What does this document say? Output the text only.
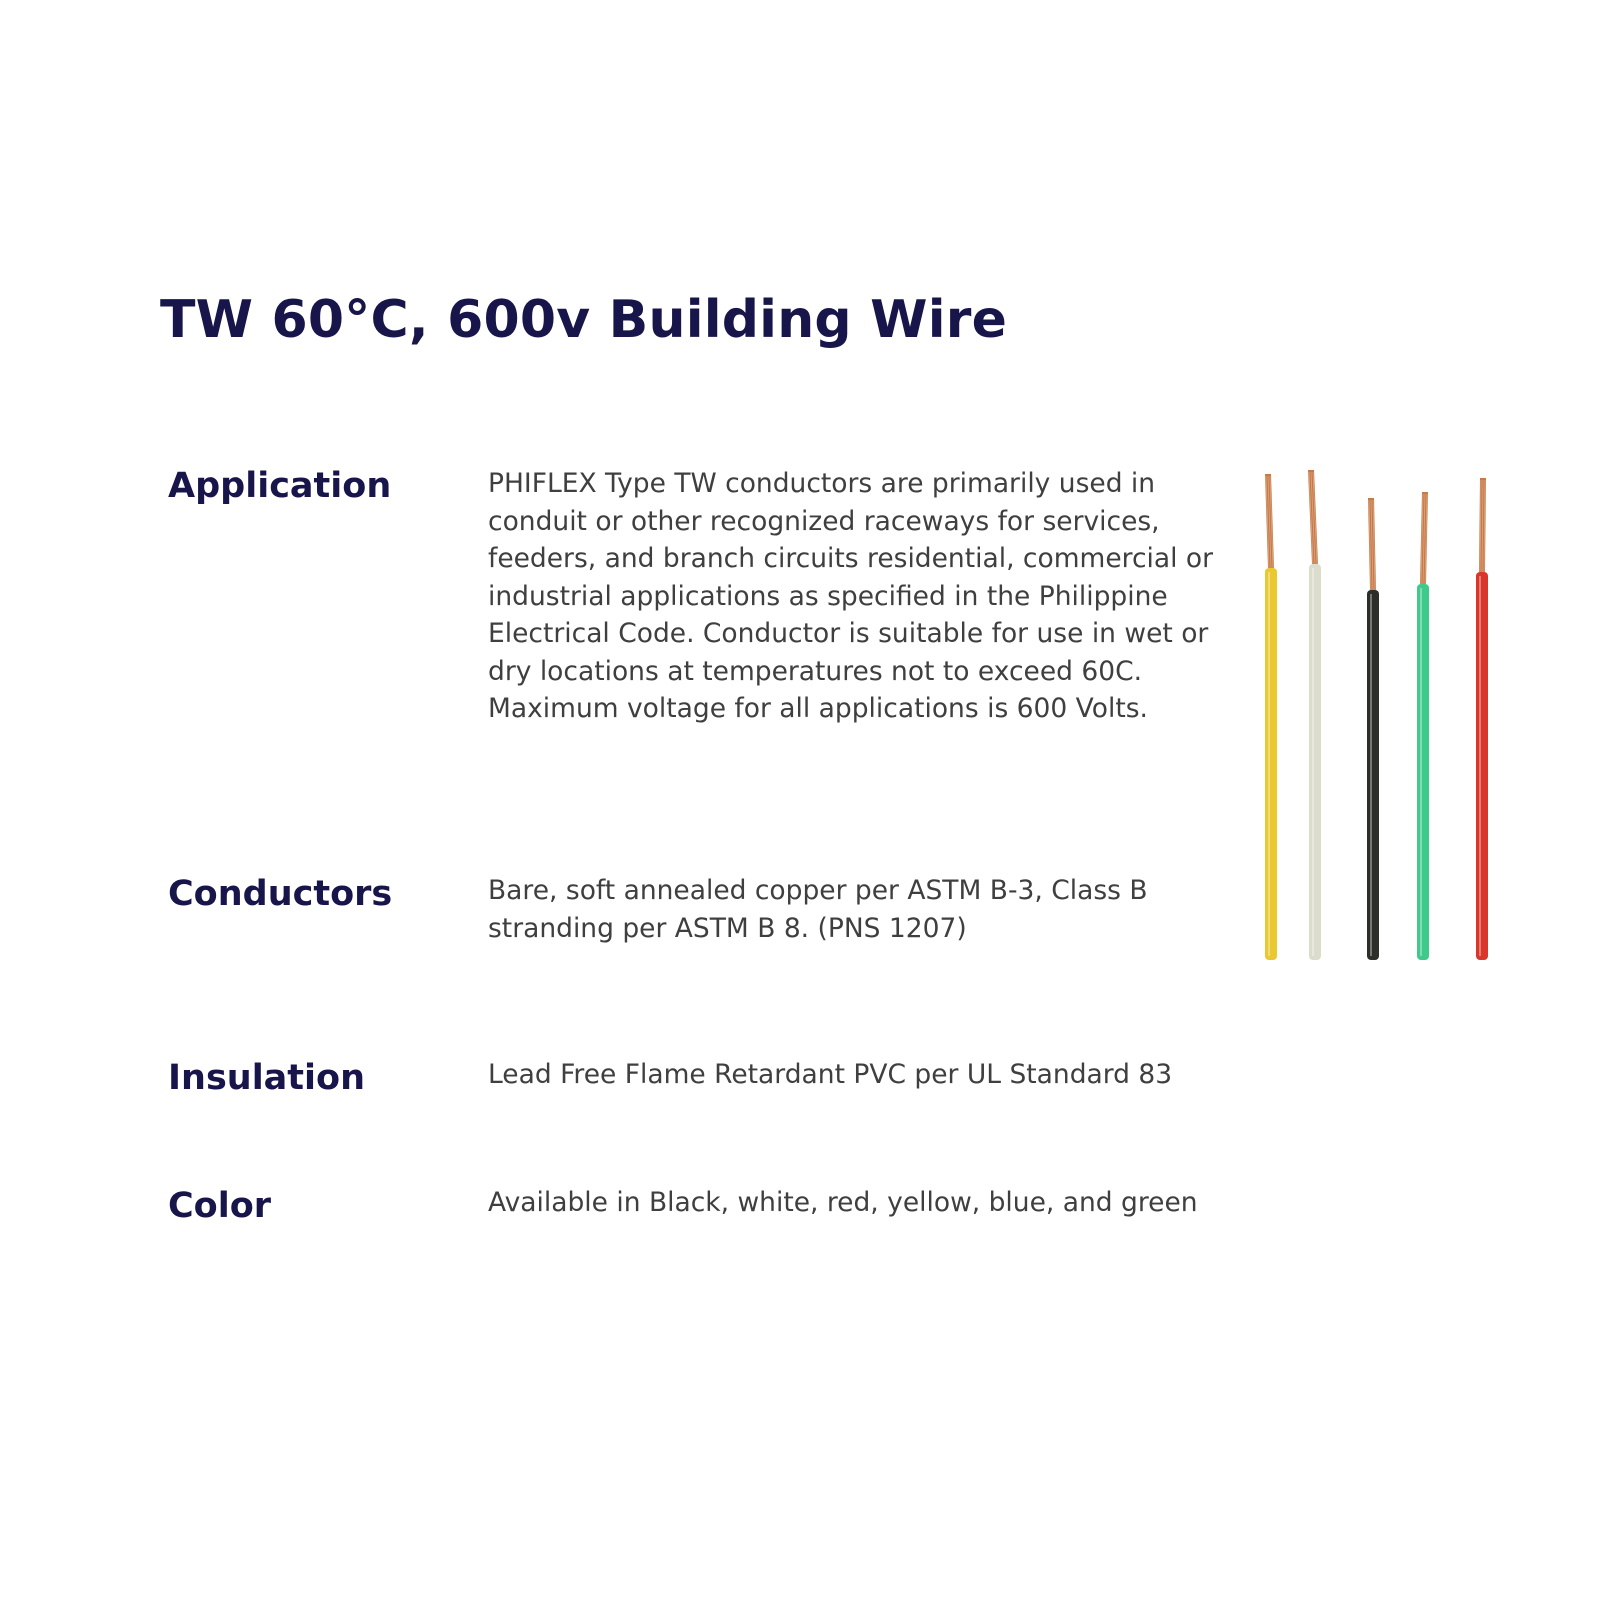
TW 60°C, 600v Building Wire
Application	PHIFLEX Type TW conductors are primarily used in
conduit or other recognized raceways for services,
feeders, and branch circuits residential, commercial or
industrial applications as specified in the Philippine
Electrical Code. Conductor is suitable for use in wet or
dry locations at temperatures not to exceed 60C.
Maximum voltage for all applications is 600 Volts.

Conductors	Bare, soft annealed copper per ASTM B-3, Class B
stranding per ASTM B 8. (PNS 1207)

Insulation	Lead Free Flame Retardant PVC per UL Standard 83

Color	Available in Black, white, red, yellow, blue, and green
